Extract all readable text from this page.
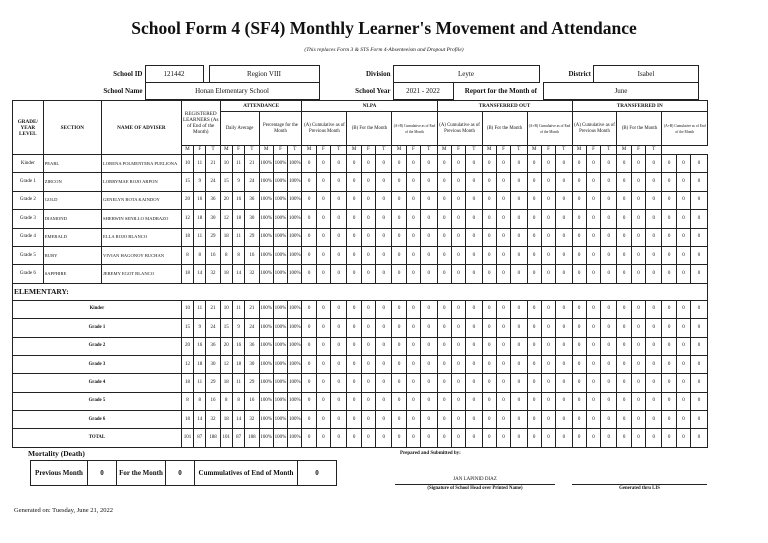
School Form 4 (SF4) Monthly Learner's Movement and Attendance
(This replaces Form 3 & STS Form 4-Absenteeism and Dropout Profile)
School ID	121442		Region VIII		Division	Leyte			District	Isabel
School Name	Honan Elementary School				School Year	2021 - 2022	Report for the Month of		June	
GRADE/ YEAR LEVEL	SECTION	NAME OF ADVISER	REGISTERED LEARNERS (As of End of the Month)			ATTENDANCE						NLPA									TRANSFERRED OUT									TRANSFERRED IN								
						Daily Average			Percentage for the Month			(A) Cumulative as of Previous Month			(B) For the Month			(A+B) Cumulative as of End of the Month			(A) Cumulative as of Previous Month			(B) For the Month			(A+B) Cumulative as of End of the Month			(A) Cumulative as of Previous Month			(B) For the Month			(A+B) Cumulative as of End of the Month		
			M	F	T	M	F	T	M	F	T	M	F	T	M	F	T	M	F	T	M	F	T	M	F	T	M	F	T	M	F	T	M	F	T			
Kinder	PEARL	LORENA POLMENTERA PUELIONA	10	11	21	10	11	21	100%	100%	100%	0	0	0	0	0	0	0	0	0	0	0	0	0	0	0	0	0	0	0	0	0	0	0	0	0	0	0
Grade 1	ZIRCON	LORRYMAE ROJO ARPON	15	9	24	15	9	24	100%	100%	100%	0	0	0	0	0	0	0	0	0	0	0	0	0	0	0	0	0	0	0	0	0	0	0	0	0	0	0
Grade 2	GOLD	GENELYN ROTA KAINDOY	20	16	36	20	16	36	100%	100%	100%	0	0	0	0	0	0	0	0	0	0	0	0	0	0	0	0	0	0	0	0	0	0	0	0	0	0	0
Grade 3	DIAMOND	SHERWIN SENILLO MADRAZO	12	18	30	12	18	30	100%	100%	100%	0	0	0	0	0	0	0	0	0	0	0	0	0	0	0	0	0	0	0	0	0	0	0	0	0	0	0
Grade 4	EMERALD	ELLA ROJO BLANCO	18	11	29	18	11	29	100%	100%	100%	0	0	0	0	0	0	0	0	0	0	0	0	0	0	0	0	0	0	0	0	0	0	0	0	0	0	0
Grade 5	RUBY	VIVIAN HAGONOY BUCHAN	8	8	16	8	8	16	100%	100%	100%	0	0	0	0	0	0	0	0	0	0	0	0	0	0	0	0	0	0	0	0	0	0	0	0	0	0	0
Grade 6	SAPPHIRE	JEREMY EGOT BLANCO	18	14	32	18	14	32	100%	100%	100%	0	0	0	0	0	0	0	0	0	0	0	0	0	0	0	0	0	0	0	0	0	0	0	0	0	0	0
ELEMENTARY:																																						
Kinder			10	11	21	10	11	21	100%	100%	100%	0	0	0	0	0	0	0	0	0	0	0	0	0	0	0	0	0	0	0	0	0	0	0	0	0	0	0
Grade 1			15	9	24	15	9	24	100%	100%	100%	0	0	0	0	0	0	0	0	0	0	0	0	0	0	0	0	0	0	0	0	0	0	0	0	0	0	0
Grade 2			20	16	36	20	16	36	100%	100%	100%	0	0	0	0	0	0	0	0	0	0	0	0	0	0	0	0	0	0	0	0	0	0	0	0	0	0	0
Grade 3			12	18	30	12	18	30	100%	100%	100%	0	0	0	0	0	0	0	0	0	0	0	0	0	0	0	0	0	0	0	0	0	0	0	0	0	0	0
Grade 4			18	11	29	18	11	29	100%	100%	100%	0	0	0	0	0	0	0	0	0	0	0	0	0	0	0	0	0	0	0	0	0	0	0	0	0	0	0
Grade 5			8	8	16	8	8	16	100%	100%	100%	0	0	0	0	0	0	0	0	0	0	0	0	0	0	0	0	0	0	0	0	0	0	0	0	0	0	0
Grade 6			18	14	32	18	14	32	100%	100%	100%	0	0	0	0	0	0	0	0	0	0	0	0	0	0	0	0	0	0	0	0	0	0	0	0	0	0	0
TOTAL			101	87	188	101	87	188	100%	100%	100%	0	0	0	0	0	0	0	0	0	0	0	0	0	0	0	0	0	0	0	0	0	0	0	0	0	0	0
Mortality (Death)
Previous Month	0	For the Month	0	Cummulatives of End of Month	0
Prepared and Submitted by:
JAN LAPINID DIAZ
(Signature of School Head over Printed Name)	Generated thru LIS
Generated on: Tuesday, June 21, 2022
